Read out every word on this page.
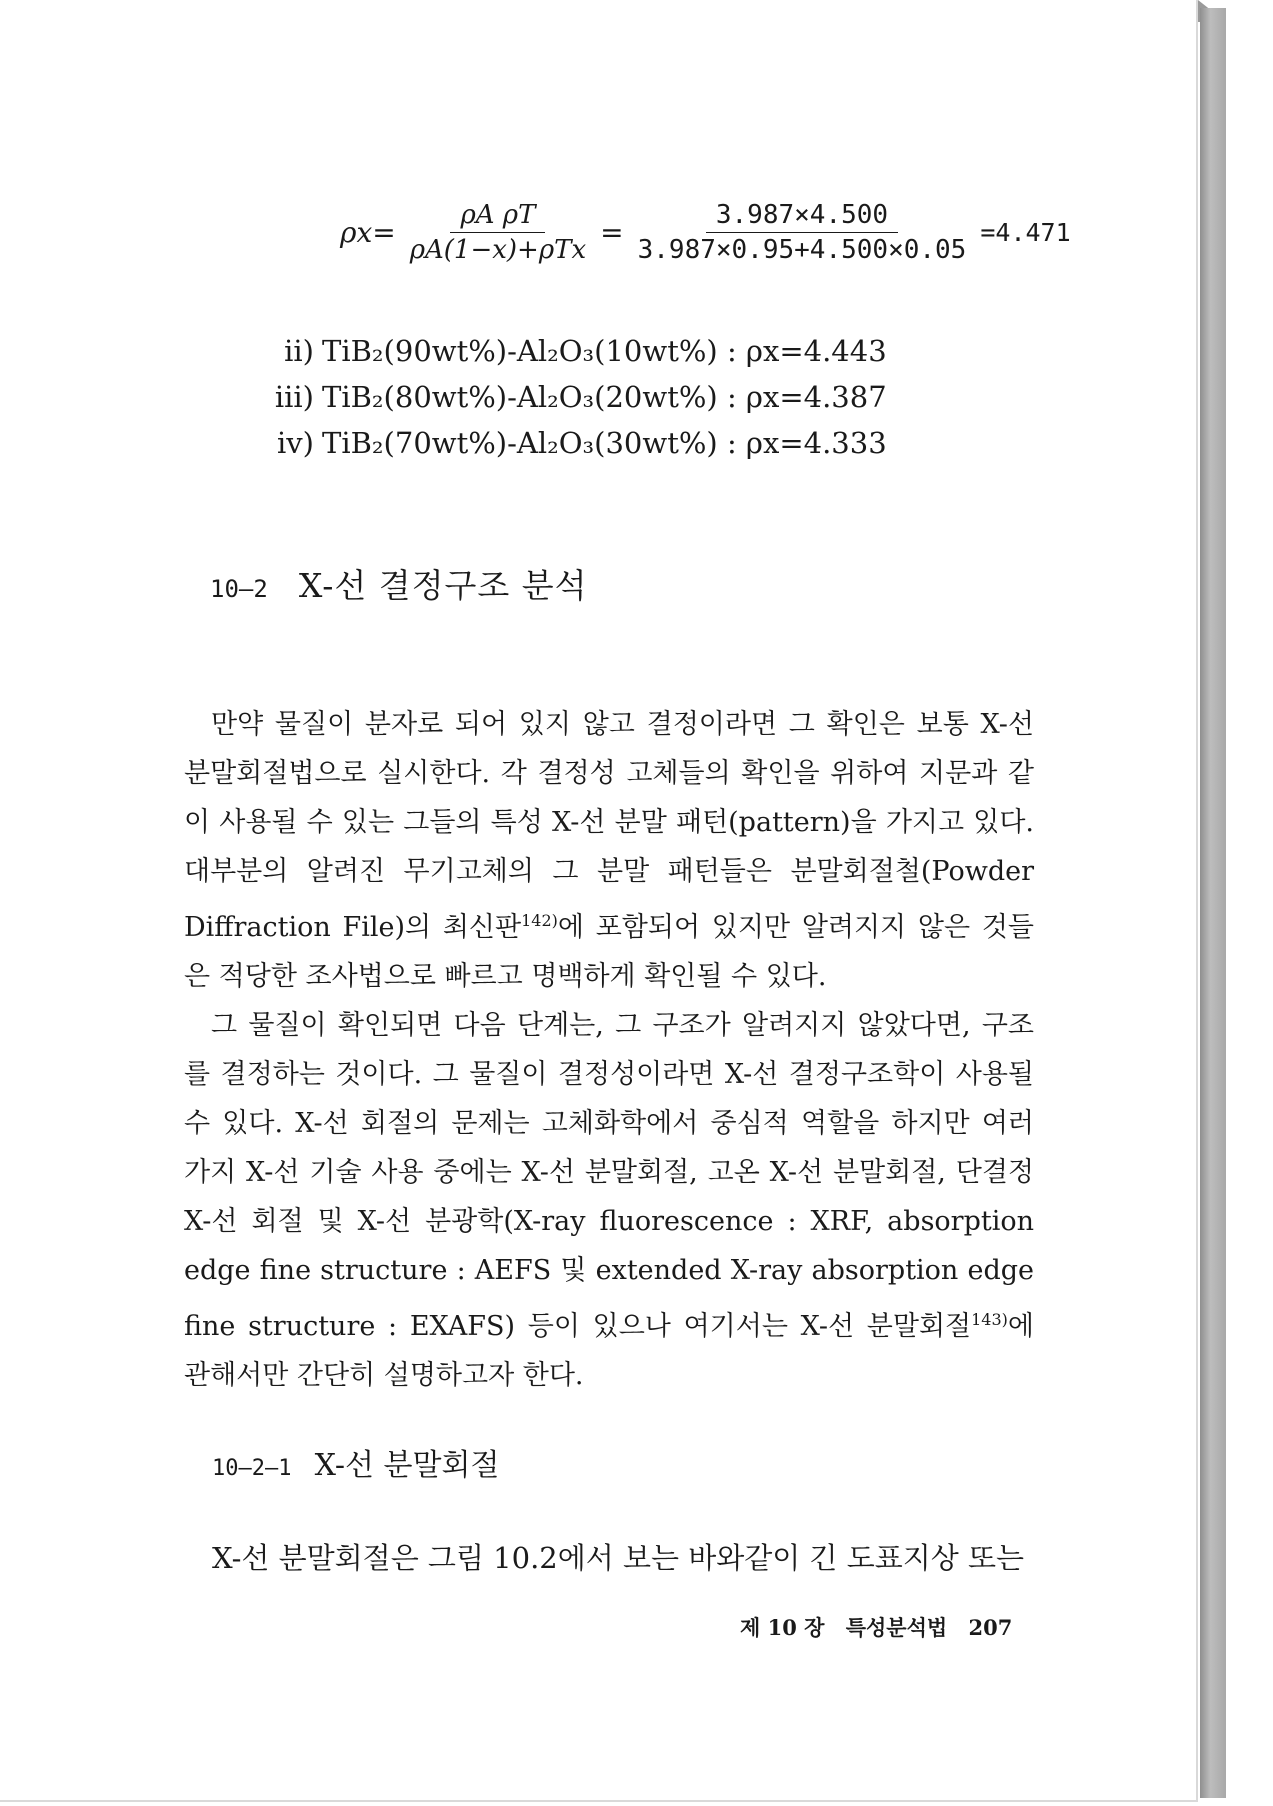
$\rho x= \frac{\text{ρA ρT}}{\text{ρA(1−x)+ρTx}} = \frac{3.987\times 4.500}{3.987\times 0.95+4.500\times 0.05} =4.471$
ii) TiB₂(90wt%)-Al₂O₃(10wt%) : ρx=4.443
iii) TiB₂(80wt%)-Al₂O₃(20wt%) : ρx=4.387
iv) TiB₂(70wt%)-Al₂O₃(30wt%) : ρx=4.333
10—2 X-선 결정구조 분석

만약 물질이 분자로 되어 있지 않고 결정이라면 그 확인은 보통 X-선 분말회절법으로 실시한다. 각 결정성 고체들의 확인을 위하여 지문과 같이 사용될 수 있는 그들의 특성 X-선 분말 패턴(pattern)을 가지고 있다. 대부분의 알려진 무기고체의 그 분말 패턴들은 분말회절철(Powder Diffraction File)의 최신판$^{142)}$에 포함되어 있지만 알려지지 않은 것들은 적당한 조사법으로 빠르고 명백하게 확인될 수 있다.

그 물질이 확인되면 다음 단계는, 그 구조가 알려지지 않았다면, 구조를 결정하는 것이다. 그 물질이 결정성이라면 X-선 결정구조학이 사용될 수 있다. X-선 회절의 문제는 고체화학에서 중심적 역할을 하지만 여러 가지 X-선 기술 사용 중에는 X-선 분말회절, 고온 X-선 분말회절, 단결정 X-선 회절 및 X-선 분광학(X-ray fluorescence : XRF, absorption edge fine structure : AEFS 및 extended X-ray absorption edge fine structure : EXAFS) 등이 있으나 여기서는 X-선 분말회절$^{143)}$에 관해서만 간단히 설명하고자 한다.

10—2—1 X-선 분말회절
X-선 분말회절은 그림 10.2에서 보는 바와같이 긴 도표지상 또는
제 10 장 특성분석법 207
